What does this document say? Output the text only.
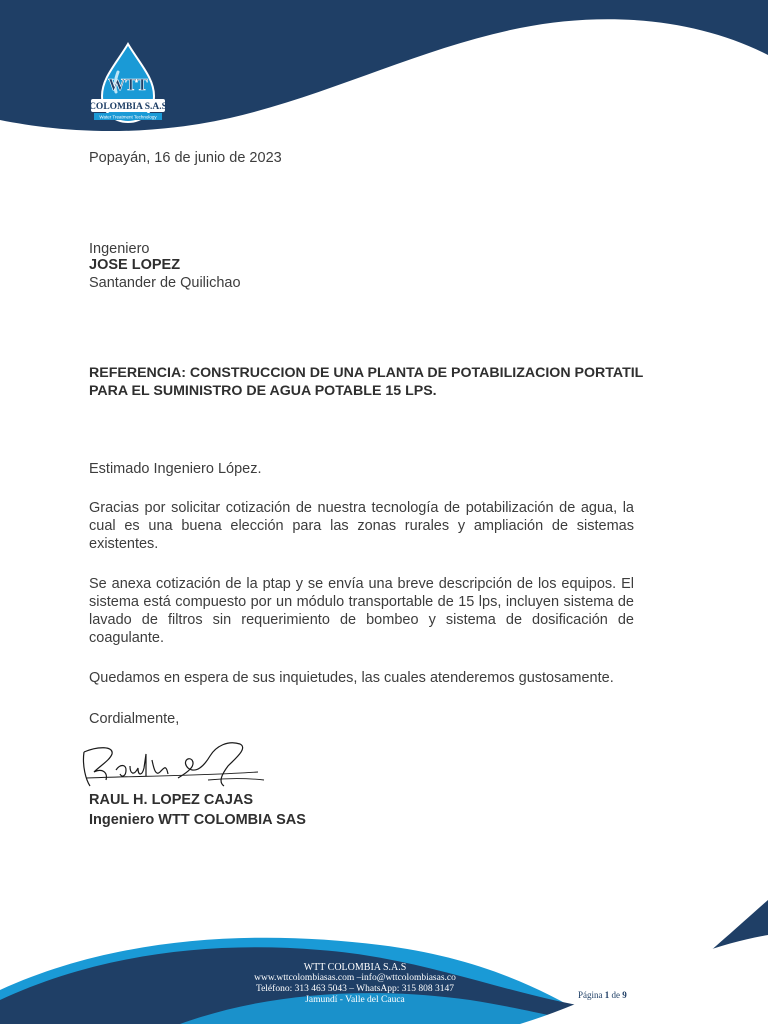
WTT
COLOMBIA S.A.S
Water Treatment Technology
Popayán, 16 de junio de 2023
Ingeniero
JOSE LOPEZ
Santander de Quilichao
REFERENCIA: CONSTRUCCION DE UNA PLANTA DE POTABILIZACION PORTATIL
PARA EL SUMINISTRO DE AGUA POTABLE 15 LPS.
Estimado Ingeniero López.
Gracias por solicitar cotización de nuestra tecnología de potabilización de agua, la cual es una buena elección para las zonas rurales y ampliación de sistemas existentes.
Se anexa cotización de la ptap y se envía una breve descripción de los equipos. El sistema está compuesto por un módulo transportable de 15 lps, incluyen sistema de lavado de filtros sin requerimiento de bombeo y sistema de dosificación de coagulante.
Quedamos en espera de sus inquietudes, las cuales atenderemos gustosamente.
Cordialmente,
RAUL H. LOPEZ CAJAS
Ingeniero WTT COLOMBIA SAS
WTT COLOMBIA S.A.S
www.wttcolombiasas.com –info@wttcolombiasas.co
Teléfono: 313 463 5043 – WhatsApp: 315 808 3147
Jamundí - Valle del Cauca	Página 1 de 9
